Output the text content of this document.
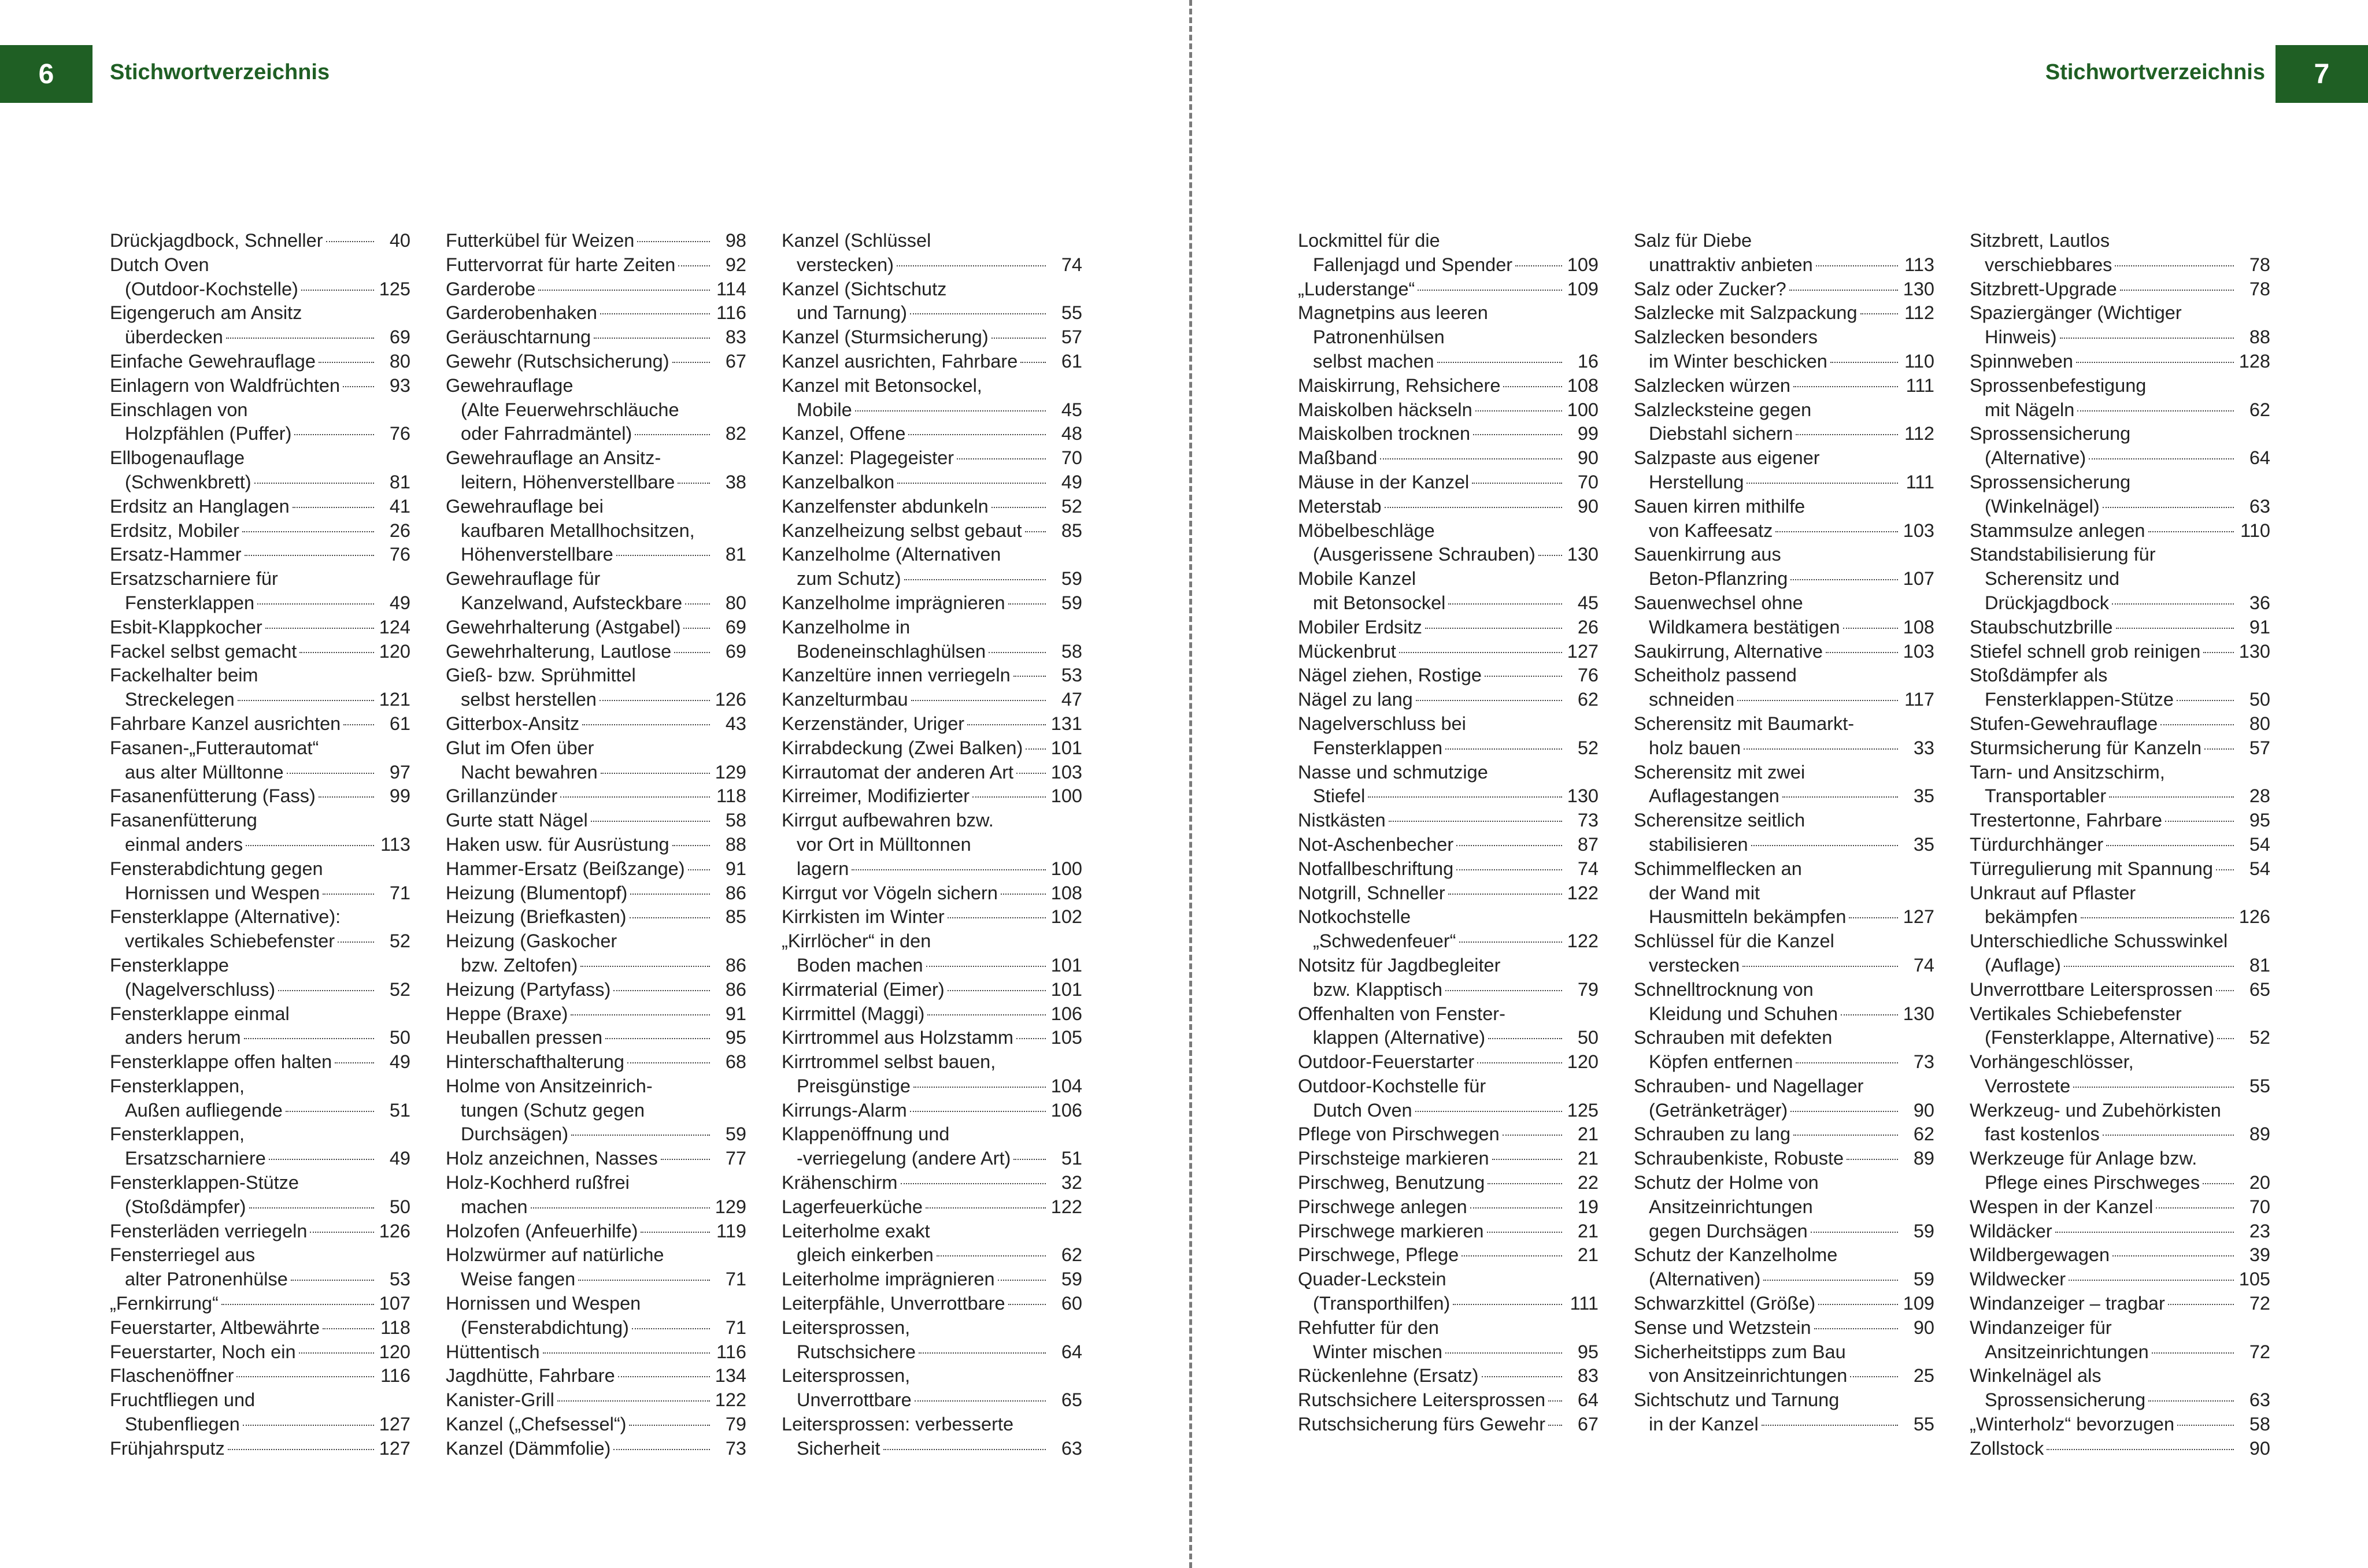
6	Stichwortverzeichnis
Drückjagdbock, Schneller	40
Dutch Oven
(Outdoor-Kochstelle)	125
Eigengeruch am Ansitz
überdecken	69
Einfache Gewehrauflage	80
Einlagern von Waldfrüchten	93
Einschlagen von
Holzpfählen (Puffer)	76
Ellbogenauflage
(Schwenkbrett)	81
Erdsitz an Hanglagen	41
Erdsitz, Mobiler	26
Ersatz-Hammer	76
Ersatzscharniere für
Fensterklappen	49
Esbit-Klappkocher	124
Fackel selbst gemacht	120
Fackelhalter beim
Streckelegen	121
Fahrbare Kanzel ausrichten	61
Fasanen-„Futterautomat“
aus alter Mülltonne	97
Fasanenfütterung (Fass)	99
Fasanenfütterung
einmal anders	113
Fensterabdichtung gegen
Hornissen und Wespen	71
Fensterklappe (Alternative):
vertikales Schiebefenster	52
Fensterklappe
(Nagelverschluss)	52
Fensterklappe einmal
anders herum	50
Fensterklappe offen halten	49
Fensterklappen,
Außen aufliegende	51
Fensterklappen,
Ersatzscharniere	49
Fensterklappen-Stütze
(Stoßdämpfer)	50
Fensterläden verriegeln	126
Fensterriegel aus
alter Patronenhülse	53
„Fernkirrung“	107
Feuerstarter, Altbewährte	118
Feuerstarter, Noch ein	120
Flaschenöffner	116
Fruchtfliegen und
Stubenfliegen	127
Frühjahrsputz	127
Futterkübel für Weizen	98
Futtervorrat für harte Zeiten	92
Garderobe	114
Garderobenhaken	116
Geräuschtarnung	83
Gewehr (Rutschsicherung)	67
Gewehrauflage
(Alte Feuerwehrschläuche
oder Fahrradmäntel)	82
Gewehrauflage an Ansitz-
leitern, Höhenverstellbare	38
Gewehrauflage bei
kaufbaren Metallhochsitzen,
Höhenverstellbare	81
Gewehrauflage für
Kanzelwand, Aufsteckbare	80
Gewehrhalterung (Astgabel)	69
Gewehrhalterung, Lautlose	69
Gieß- bzw. Sprühmittel
selbst herstellen	126
Gitterbox-Ansitz	43
Glut im Ofen über
Nacht bewahren	129
Grillanzünder	118
Gurte statt Nägel	58
Haken usw. für Ausrüstung	88
Hammer-Ersatz (Beißzange)	91
Heizung (Blumentopf)	86
Heizung (Briefkasten)	85
Heizung (Gaskocher
bzw. Zeltofen)	86
Heizung (Partyfass)	86
Heppe (Braxe)	91
Heuballen pressen	95
Hinterschafthalterung	68
Holme von Ansitzeinrich-
tungen (Schutz gegen
Durchsägen)	59
Holz anzeichnen, Nasses	77
Holz-Kochherd rußfrei
machen	129
Holzofen (Anfeuerhilfe)	119
Holzwürmer auf natürliche
Weise fangen	71
Hornissen und Wespen
(Fensterabdichtung)	71
Hüttentisch	116
Jagdhütte, Fahrbare	134
Kanister-Grill	122
Kanzel („Chefsessel“)	79
Kanzel (Dämmfolie)	73
Kanzel (Schlüssel
verstecken)	74
Kanzel (Sichtschutz
und Tarnung)	55
Kanzel (Sturmsicherung)	57
Kanzel ausrichten, Fahrbare	61
Kanzel mit Betonsockel,
Mobile	45
Kanzel, Offene	48
Kanzel: Plagegeister	70
Kanzelbalkon	49
Kanzelfenster abdunkeln	52
Kanzelheizung selbst gebaut	85
Kanzelholme (Alternativen
zum Schutz)	59
Kanzelholme imprägnieren	59
Kanzelholme in
Bodeneinschlaghülsen	58
Kanzeltüre innen verriegeln	53
Kanzelturmbau	47
Kerzenständer, Uriger	131
Kirrabdeckung (Zwei Balken) 101
Kirrautomat der anderen Art 103
Kirreimer, Modifizierter	100
Kirrgut aufbewahren bzw.
vor Ort in Mülltonnen
lagern	100
Kirrgut vor Vögeln sichern	108
Kirrkisten im Winter	102
„Kirrlöcher“ in den
Boden machen	101
Kirrmaterial (Eimer)	101
Kirrmittel (Maggi)	106
Kirrtrommel aus Holzstamm 105
Kirrtrommel selbst bauen,
Preisgünstige	104
Kirrungs-Alarm	106
Klappenöffnung und
-verriegelung (andere Art)	51
Krähenschirm	32
Lagerfeuerküche	122
Leiterholme exakt
gleich einkerben	62
Leiterholme imprägnieren	59
Leiterpfähle, Unverrottbare	60
Leitersprossen,
Rutschsichere	64
Leitersprossen,
Unverrottbare	65
Leitersprossen: verbesserte
Sicherheit	63
7
Stichwortverzeichnis
Lockmittel für die
Fallenjagd und Spender	109
„Luderstange“	109
Magnetpins aus leeren
Patronenhülsen
selbst machen	16
Maiskirrung, Rehsichere	108
Maiskolben häckseln	100
Maiskolben trocknen	99
Maßband	90
Mäuse in der Kanzel	70
Meterstab	90
Möbelbeschläge
(Ausgerissene Schrauben) 130
Mobile Kanzel
mit Betonsockel	45
Mobiler Erdsitz	26
Mückenbrut	127
Nägel ziehen, Rostige	76
Nägel zu lang	62
Nagelverschluss bei
Fensterklappen	52
Nasse und schmutzige
Stiefel	130
Nistkästen	73
Not-Aschenbecher	87
Notfallbeschriftung	74
Notgrill, Schneller	122
Notkochstelle
„Schwedenfeuer“	122
Notsitz für Jagdbegleiter
bzw. Klapptisch	79
Offenhalten von Fenster-
klappen (Alternative)	50
Outdoor-Feuerstarter	120
Outdoor-Kochstelle für
Dutch Oven	125
Pflege von Pirschwegen	21
Pirschsteige markieren	21
Pirschweg, Benutzung	22
Pirschwege anlegen	19
Pirschwege markieren	21
Pirschwege, Pflege	21
Quader-Leckstein
(Transporthilfen)	111
Rehfutter für den
Winter mischen	95
Rückenlehne (Ersatz)	83
Rutschsichere Leitersprossen	64
Rutschsicherung fürs Gewehr	67
Salz für Diebe
unattraktiv anbieten	113
Salz oder Zucker?	130
Salzlecke mit Salzpackung	112
Salzlecken besonders
im Winter beschicken	110
Salzlecken würzen	111
Salzlecksteine gegen
Diebstahl sichern	112
Salzpaste aus eigener
Herstellung	111
Sauen kirren mithilfe
von Kaffeesatz	103
Sauenkirrung aus
Beton-Pflanzring	107
Sauenwechsel ohne
Wildkamera bestätigen	108
Saukirrung, Alternative	103
Scheitholz passend
schneiden	117
Scherensitz mit Baumarkt-
holz bauen	33
Scherensitz mit zwei
Auflagestangen	35
Scherensitze seitlich
stabilisieren	35
Schimmelflecken an
der Wand mit
Hausmitteln bekämpfen	127
Schlüssel für die Kanzel
verstecken	74
Schnelltrocknung von
Kleidung und Schuhen	130
Schrauben mit defekten
Köpfen entfernen	73
Schrauben- und Nagellager
(Getränketräger)	90
Schrauben zu lang	62
Schraubenkiste, Robuste	89
Schutz der Holme von
Ansitzeinrichtungen
gegen Durchsägen	59
Schutz der Kanzelholme
(Alternativen)	59
Schwarzkittel (Größe)	109
Sense und Wetzstein	90
Sicherheitstipps zum Bau
von Ansitzeinrichtungen	25
Sichtschutz und Tarnung
in der Kanzel	55
Sitzbrett, Lautlos
verschiebbares	78
Sitzbrett-Upgrade	78
Spaziergänger (Wichtiger
Hinweis)	88
Spinnweben	128
Sprossenbefestigung
mit Nägeln	62
Sprossensicherung
(Alternative)	64
Sprossensicherung
(Winkelnägel)	63
Stammsulze anlegen	110
Standstabilisierung für
Scherensitz und
Drückjagdbock	36
Staubschutzbrille	91
Stiefel schnell grob reinigen 130
Stoßdämpfer als
Fensterklappen-Stütze	50
Stufen-Gewehrauflage	80
Sturmsicherung für Kanzeln	57
Tarn- und Ansitzschirm,
Transportabler	28
Trestertonne, Fahrbare	95
Türdurchhänger	54
Türregulierung mit Spannung	54
Unkraut auf Pflaster
bekämpfen	126
Unterschiedliche Schusswinkel
(Auflage)	81
Unverrottbare Leitersprossen	65
Vertikales Schiebefenster
(Fensterklappe, Alternative)	52
Vorhängeschlösser,
Verrostete	55
Werkzeug- und Zubehörkisten
fast kostenlos	89
Werkzeuge für Anlage bzw.
Pflege eines Pirschweges	20
Wespen in der Kanzel	70
Wildäcker	23
Wildbergewagen	39
Wildwecker	105
Windanzeiger – tragbar	72
Windanzeiger für
Ansitzeinrichtungen	72
Winkelnägel als
Sprossensicherung	63
„Winterholz“ bevorzugen	58
Zollstock	90
